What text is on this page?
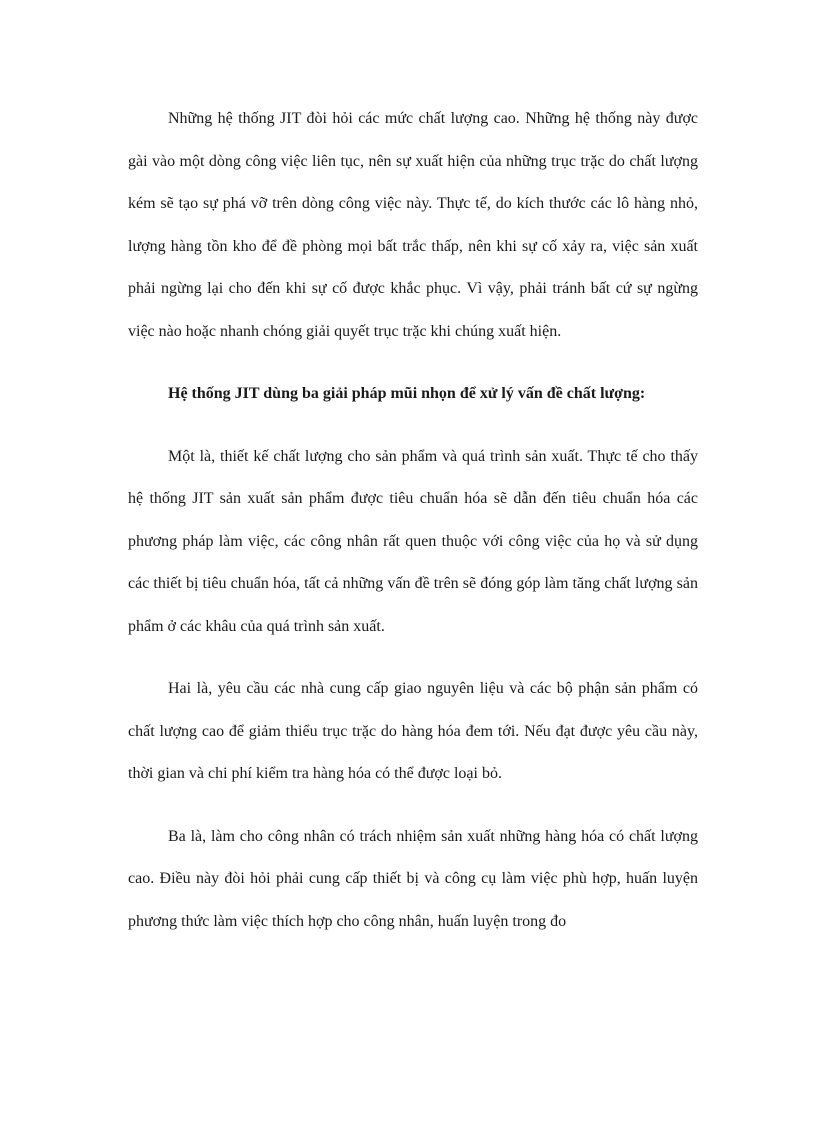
Những hệ thống JIT đòi hỏi các mức chất lượng cao. Những hệ thống này được gài vào một dòng công việc liên tục, nên sự xuất hiện của những trục trặc do chất lượng kém sẽ tạo sự phá vỡ trên dòng công việc này. Thực tế, do kích thước các lô hàng nhỏ, lượng hàng tồn kho để đề phòng mọi bất trắc thấp, nên khi sự cố xảy ra, việc sản xuất phải ngừng lại cho đến khi sự cố được khắc phục. Vì vậy, phải tránh bất cứ sự ngừng việc nào hoặc nhanh chóng giải quyết trục trặc khi chúng xuất hiện.

Hệ thống JIT dùng ba giải pháp mũi nhọn để xử lý vấn đề chất lượng:

Một là, thiết kế chất lượng cho sản phẩm và quá trình sản xuất. Thực tế cho thấy hệ thống JIT sản xuất sản phẩm được tiêu chuẩn hóa sẽ dẫn đến tiêu chuẩn hóa các phương pháp làm việc, các công nhân rất quen thuộc với công việc của họ và sử dụng các thiết bị tiêu chuẩn hóa, tất cả những vấn đề trên sẽ đóng góp làm tăng chất lượng sản phẩm ở các khâu của quá trình sản xuất.

Hai là, yêu cầu các nhà cung cấp giao nguyên liệu và các bộ phận sản phẩm có chất lượng cao để giảm thiểu trục trặc do hàng hóa đem tới. Nếu đạt được yêu cầu này, thời gian và chi phí kiểm tra hàng hóa có thể được loại bỏ.

Ba là, làm cho công nhân có trách nhiệm sản xuất những hàng hóa có chất lượng cao. Điều này đòi hỏi phải cung cấp thiết bị và công cụ làm việc phù hợp, huấn luyện phương thức làm việc thích hợp cho công nhân, huấn luyện trong đo
